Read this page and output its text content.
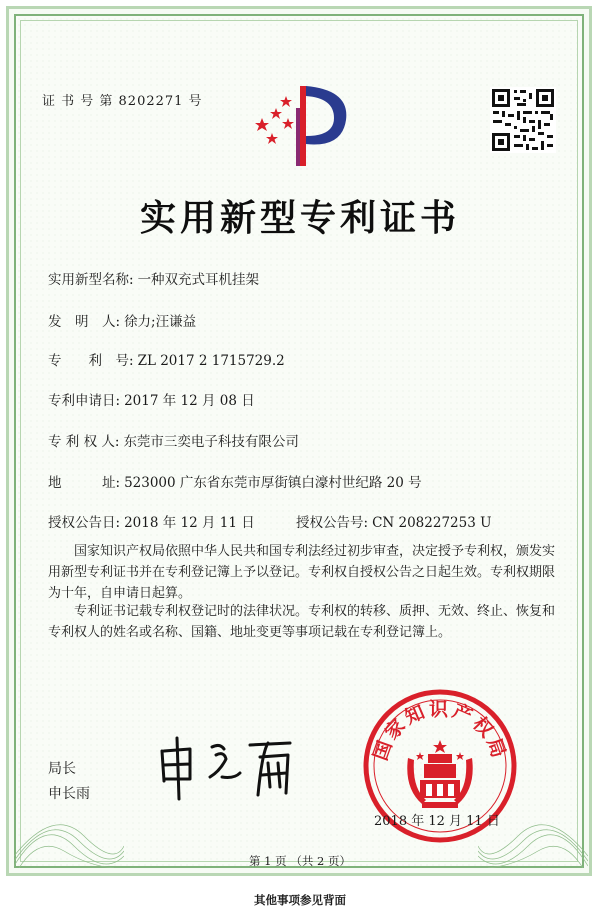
证 书 号 第 8202271 号
实用新型专利证书
实用新型名称: 一种双充式耳机挂架
发　明　人: 徐力;汪谦益
专　　利　号: ZL 2017 2 1715729.2
专利申请日: 2017 年 12 月 08 日
专 利 权 人: 东莞市三奕电子科技有限公司
地　　　址: 523000 广东省东莞市厚街镇白濠村世纪路 20 号
授权公告日: 2018 年 12 月 11 日	授权公告号: CN 208227253 U
国家知识产权局依照中华人民共和国专利法经过初步审查，决定授予专利权，颁发实用新型专利证书并在专利登记簿上予以登记。专利权自授权公告之日起生效。专利权期限为十年，自申请日起算。
专利证书记载专利权登记时的法律状况。专利权的转移、质押、无效、终止、恢复和专利权人的姓名或名称、国籍、地址变更等事项记载在专利登记簿上。
局长
申长雨
国家知识产权局
2018 年 12 月 11 日
第 1 页 （共 2 页）
其他事项参见背面
